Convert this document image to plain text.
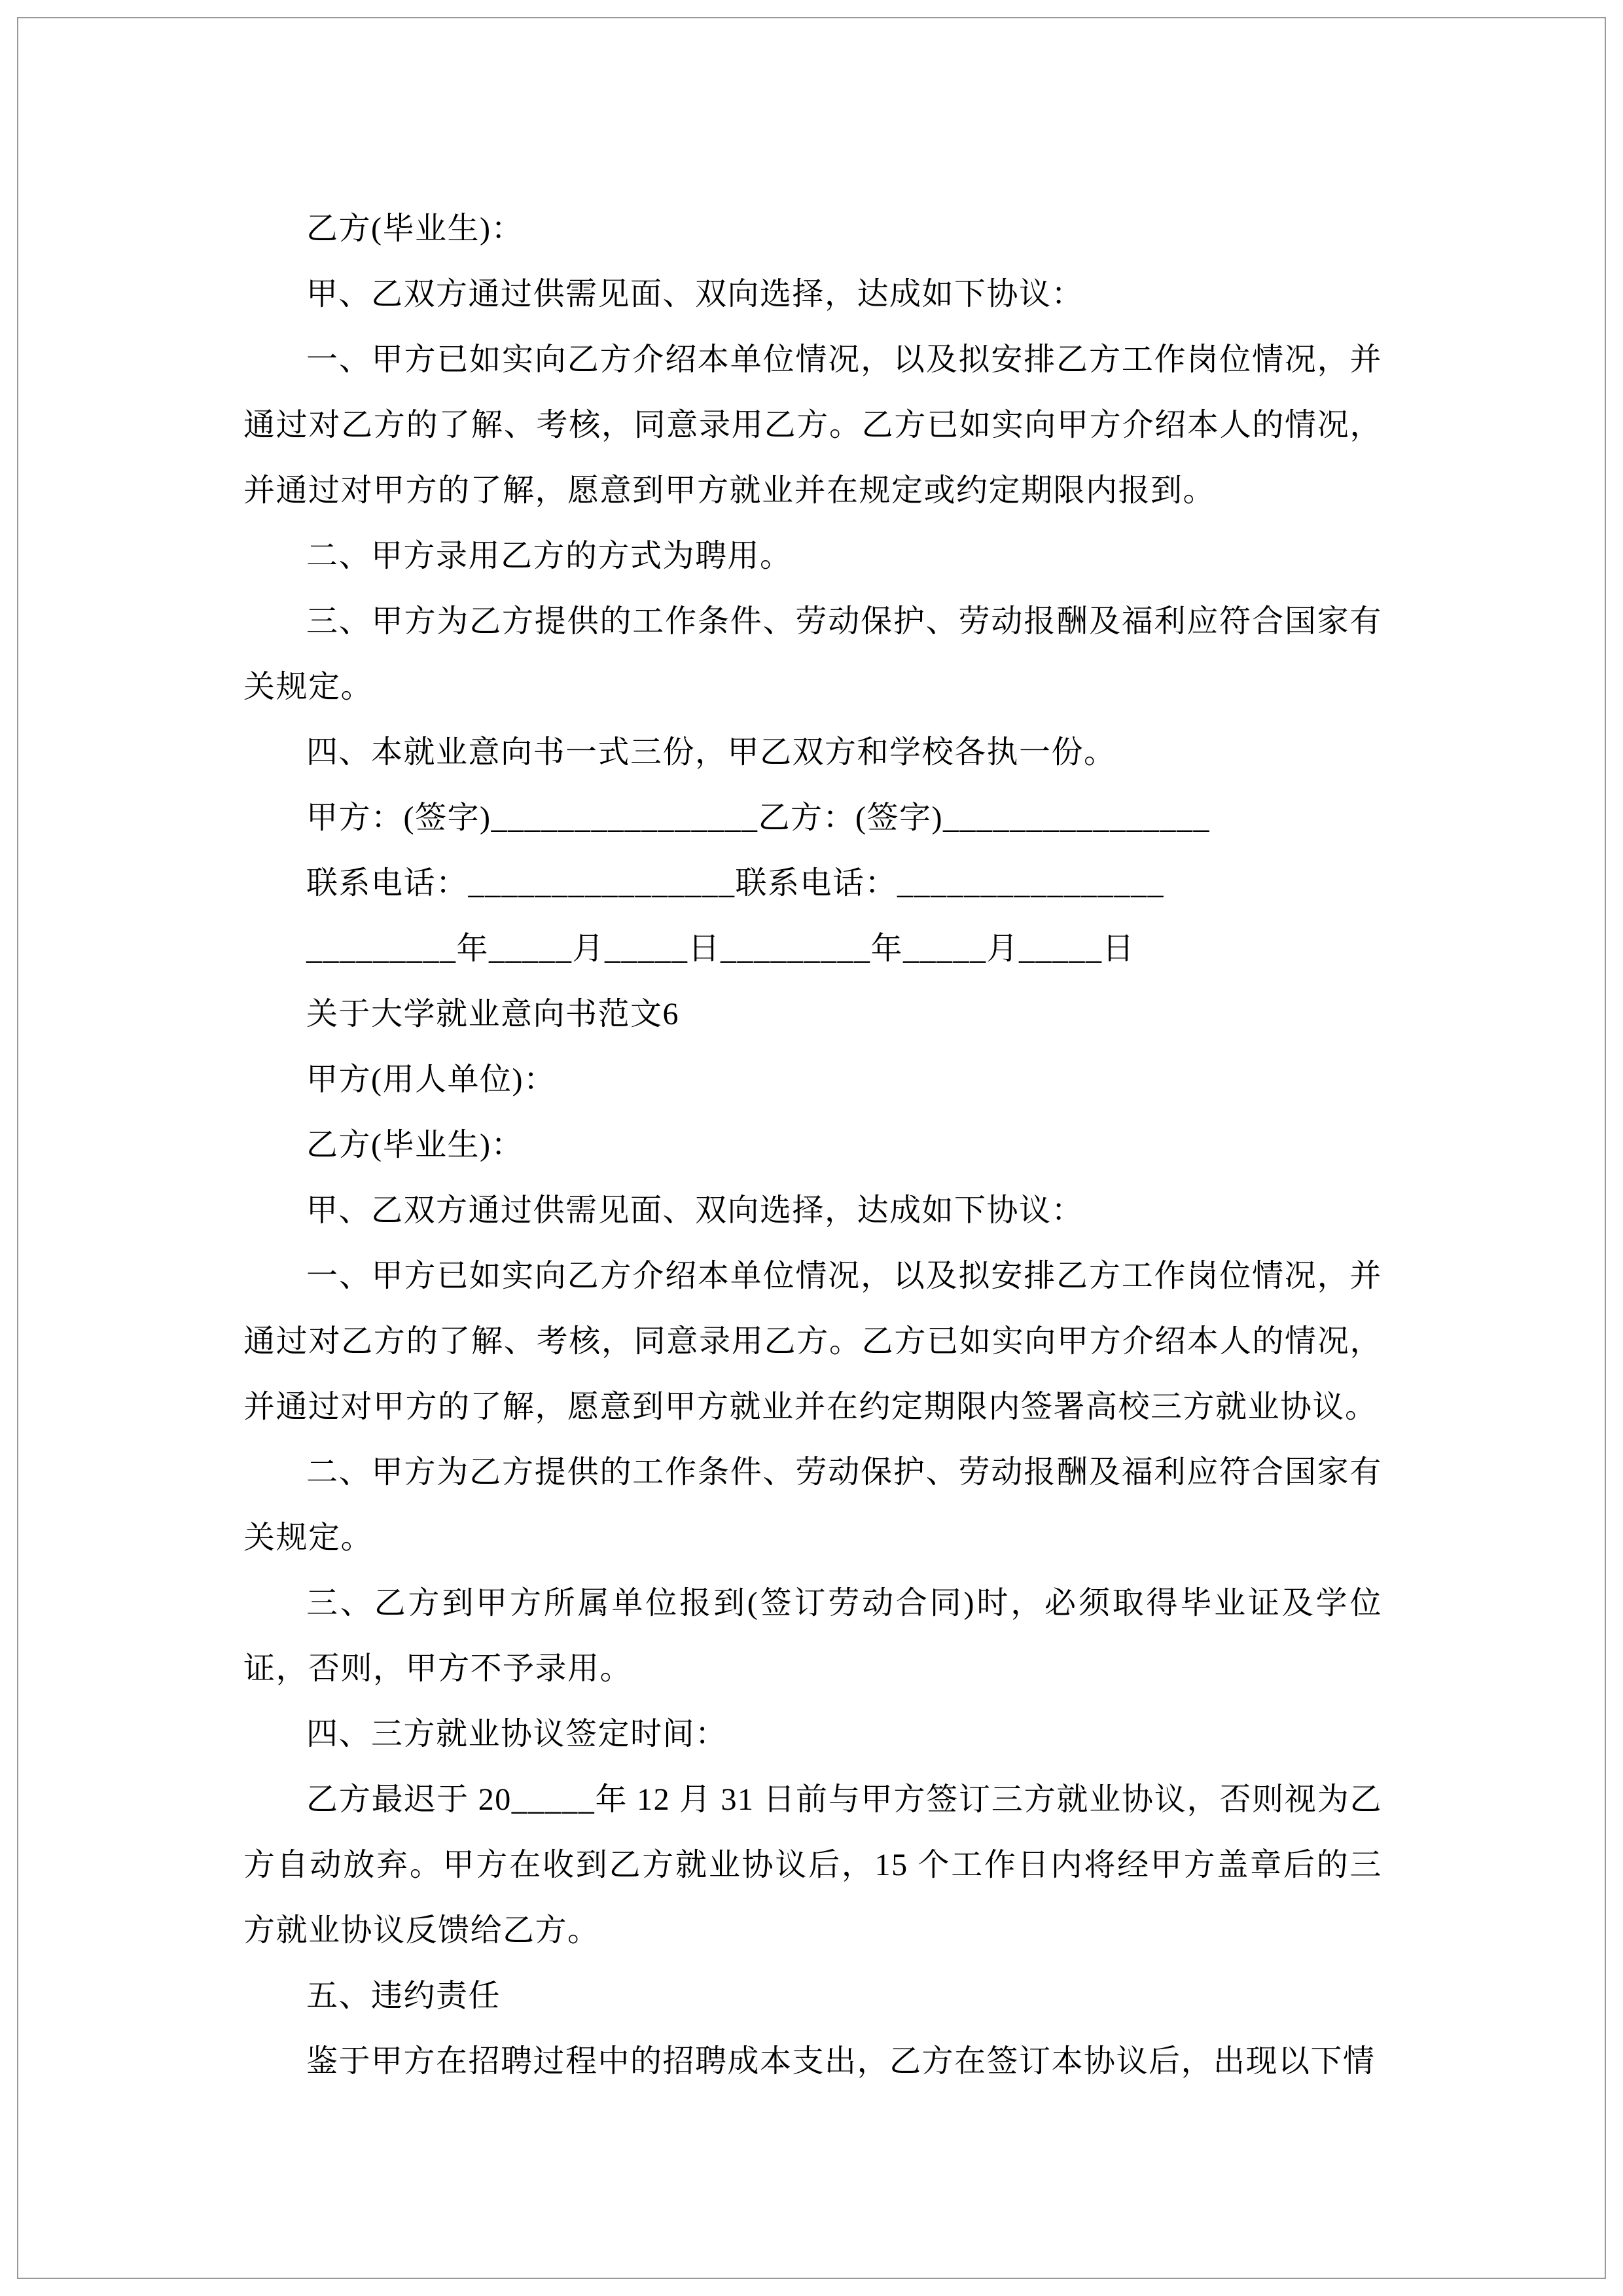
乙方(毕业生)：

甲、乙双方通过供需见面、双向选择，达成如下协议：

一、甲方已如实向乙方介绍本单位情况，以及拟安排乙方工作岗位情况，并通过对乙方的了解、考核，同意录用乙方。乙方已如实向甲方介绍本人的情况，并通过对甲方的了解，愿意到甲方就业并在规定或约定期限内报到。

二、甲方录用乙方的方式为聘用。

三、甲方为乙方提供的工作条件、劳动保护、劳动报酬及福利应符合国家有关规定。

四、本就业意向书一式三份，甲乙双方和学校各执一份。

甲方：(签字)________________乙方：(签字)________________

联系电话：________________联系电话：________________

_________年_____月_____日_________年_____月_____日

关于大学就业意向书范文6

甲方(用人单位)：

乙方(毕业生)：

甲、乙双方通过供需见面、双向选择，达成如下协议：

一、甲方已如实向乙方介绍本单位情况，以及拟安排乙方工作岗位情况，并通过对乙方的了解、考核，同意录用乙方。乙方已如实向甲方介绍本人的情况，并通过对甲方的了解，愿意到甲方就业并在约定期限内签署高校三方就业协议。

二、甲方为乙方提供的工作条件、劳动保护、劳动报酬及福利应符合国家有关规定。

三、乙方到甲方所属单位报到(签订劳动合同)时，必须取得毕业证及学位证，否则，甲方不予录用。

四、三方就业协议签定时间：

乙方最迟于 20_____年 12 月 31 日前与甲方签订三方就业协议，否则视为乙方自动放弃。甲方在收到乙方就业协议后，15 个工作日内将经甲方盖章后的三方就业协议反馈给乙方。

五、违约责任

鉴于甲方在招聘过程中的招聘成本支出，乙方在签订本协议后，出现以下情
